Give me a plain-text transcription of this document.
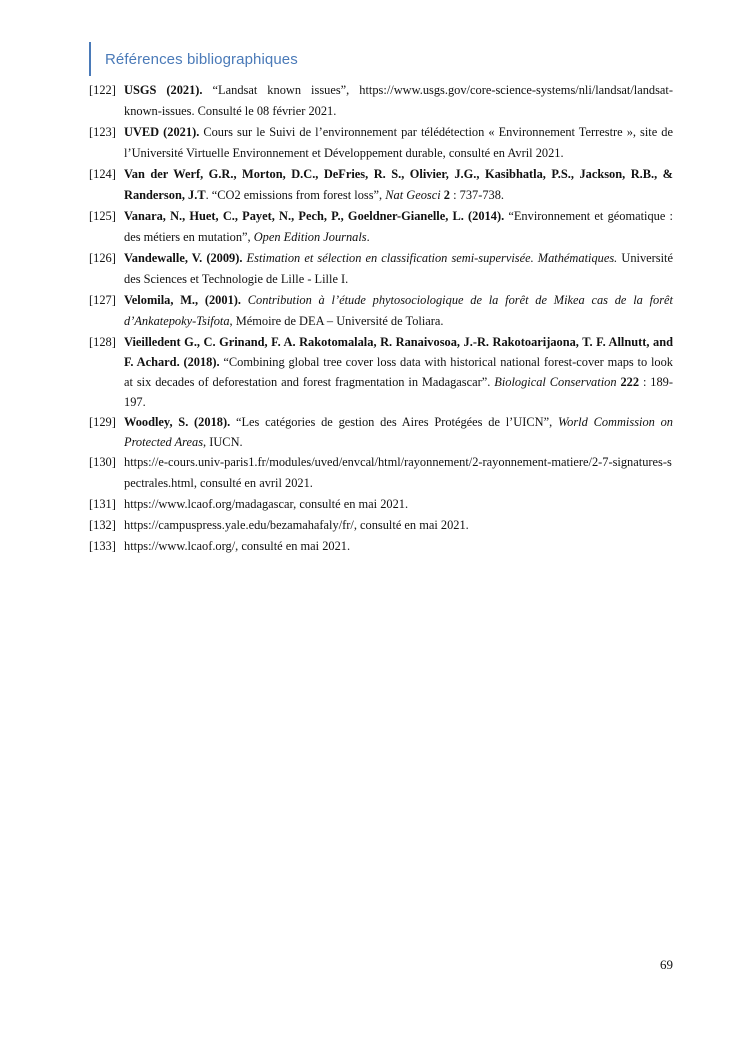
Références bibliographiques
[122] USGS (2021). “Landsat known issues”, https://www.usgs.gov/core-science-systems/nli/landsat/landsat-known-issues. Consulté le 08 février 2021.
[123] UVED (2021). Cours sur le Suivi de l’environnement par télédétection « Environnement Terrestre », site de l’Université Virtuelle Environnement et Développement durable, consulté en Avril 2021.
[124] Van der Werf, G.R., Morton, D.C., DeFries, R. S., Olivier, J.G., Kasibhatla, P.S., Jackson, R.B., & Randerson, J.T. “CO2 emissions from forest loss”, Nat Geosci 2 : 737-738.
[125] Vanara, N., Huet, C., Payet, N., Pech, P., Goeldner-Gianelle, L. (2014). “Environnement et géomatique : des métiers en mutation”, Open Edition Journals.
[126] Vandewalle, V. (2009). Estimation et sélection en classification semi-supervisée. Mathématiques. Université des Sciences et Technologie de Lille - Lille I.
[127] Velomila, M., (2001). Contribution à l’étude phytosociologique de la forêt de Mikea cas de la forêt d’Ankatepoky-Tsifota, Mémoire de DEA – Université de Toliara.
[128] Vieilledent G., C. Grinand, F. A. Rakotomalala, R. Ranaivosoa, J.-R. Rakotoarijaona, T. F. Allnutt, and F. Achard. (2018). “Combining global tree cover loss data with historical national forest-cover maps to look at six decades of deforestation and forest fragmentation in Madagascar”. Biological Conservation 222 : 189-197.
[129] Woodley, S. (2018). “Les catégories de gestion des Aires Protégées de l’UICN”, World Commission on Protected Areas, IUCN.
[130] https://e-cours.univ-paris1.fr/modules/uved/envcal/html/rayonnement/2-rayonnement-matiere/2-7-signatures-spectrales.html, consulté en avril 2021.
[131] https://www.lcaof.org/madagascar, consulté en mai 2021.
[132] https://campuspress.yale.edu/bezamahafaly/fr/, consulté en mai 2021.
[133] https://www.lcaof.org/, consulté en mai 2021.
69
